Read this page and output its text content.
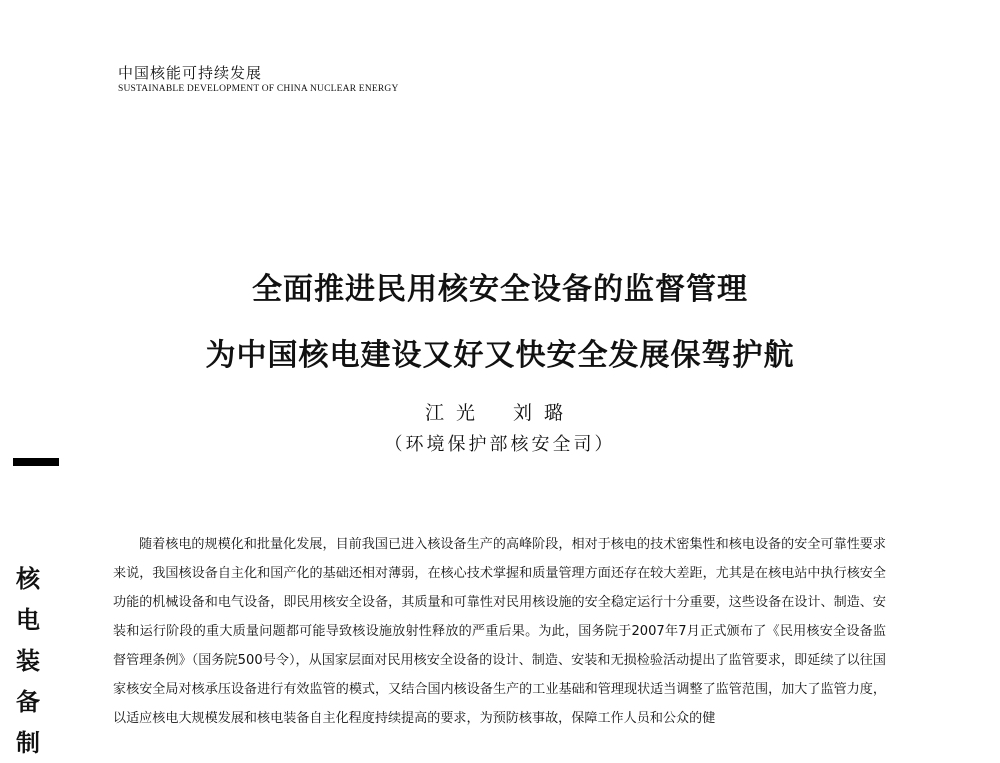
中国核能可持续发展
SUSTAINABLE DEVELOPMENT OF CHINA NUCLEAR ENERGY
全面推进民用核安全设备的监督管理
为中国核电建设又好又快安全发展保驾护航
江光 刘璐
（环境保护部核安全司）
核
电
装
备
制
随着核电的规模化和批量化发展，目前我国已进入核设备生产的高峰阶段，相对于核电的技术密集性和核电设备的安全可靠性要求来说，我国核设备自主化和国产化的基础还相对薄弱，在核心技术掌握和质量管理方面还存在较大差距，尤其是在核电站中执行核安全功能的机械设备和电气设备，即民用核安全设备，其质量和可靠性对民用核设施的安全稳定运行十分重要，这些设备在设计、制造、安装和运行阶段的重大质量问题都可能导致核设施放射性释放的严重后果。为此，国务院于2007年7月正式颁布了《民用核安全设备监督管理条例》（国务院500号令），从国家层面对民用核安全设备的设计、制造、安装和无损检验活动提出了监管要求，即延续了以往国家核安全局对核承压设备进行有效监管的模式，又结合国内核设备生产的工业基础和管理现状适当调整了监管范围，加大了监管力度，以适应核电大规模发展和核电装备自主化程度持续提高的要求，为预防核事故，保障工作人员和公众的健
